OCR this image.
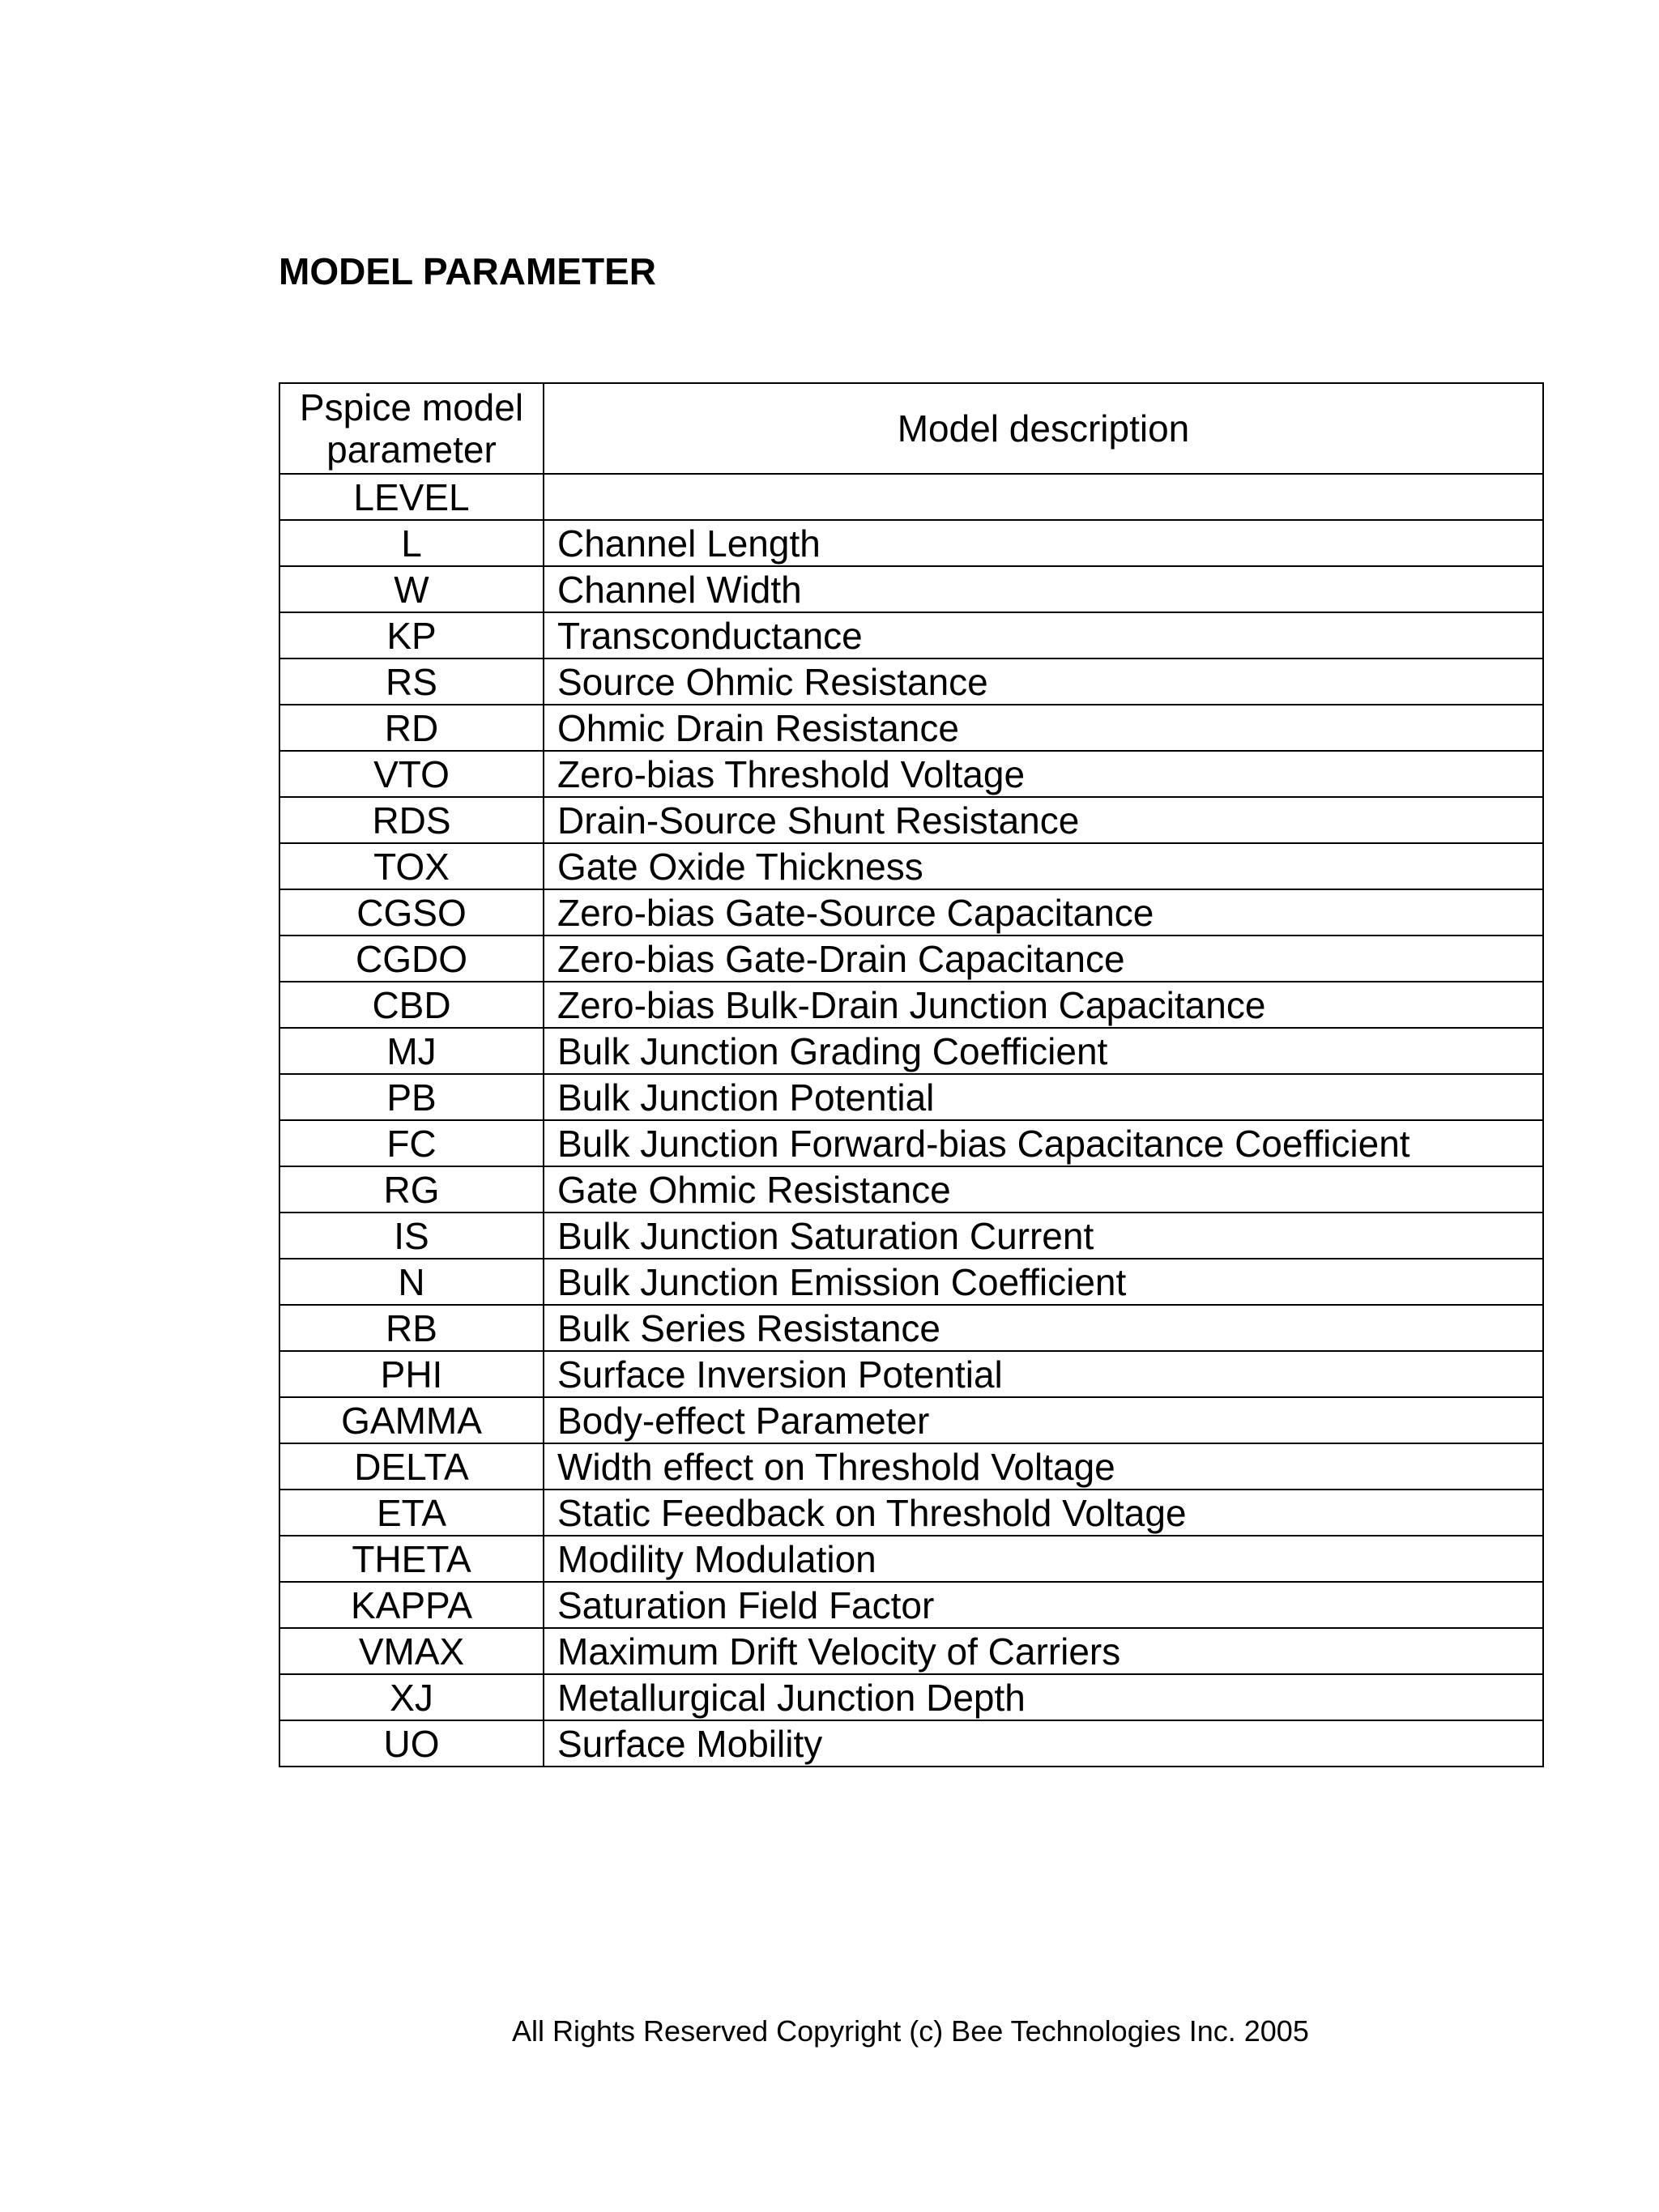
MODEL PARAMETER
Pspice model parameter	Model description
LEVEL	
L	Channel Length
W	Channel Width
KP	Transconductance
RS	Source Ohmic Resistance
RD	Ohmic Drain Resistance
VTO	Zero-bias Threshold Voltage
RDS	Drain-Source Shunt Resistance
TOX	Gate Oxide Thickness
CGSO	Zero-bias Gate-Source Capacitance
CGDO	Zero-bias Gate-Drain Capacitance
CBD	Zero-bias Bulk-Drain Junction Capacitance
MJ	Bulk Junction Grading Coefficient
PB	Bulk Junction Potential
FC	Bulk Junction Forward-bias Capacitance Coefficient
RG	Gate Ohmic Resistance
IS	Bulk Junction Saturation Current
N	Bulk Junction Emission Coefficient
RB	Bulk Series Resistance
PHI	Surface Inversion Potential
GAMMA	Body-effect Parameter
DELTA	Width effect on Threshold Voltage
ETA	Static Feedback on Threshold Voltage
THETA	Modility Modulation
KAPPA	Saturation Field Factor
VMAX	Maximum Drift Velocity of Carriers
XJ	Metallurgical Junction Depth
UO	Surface Mobility
All Rights Reserved Copyright (c) Bee Technologies Inc. 2005
